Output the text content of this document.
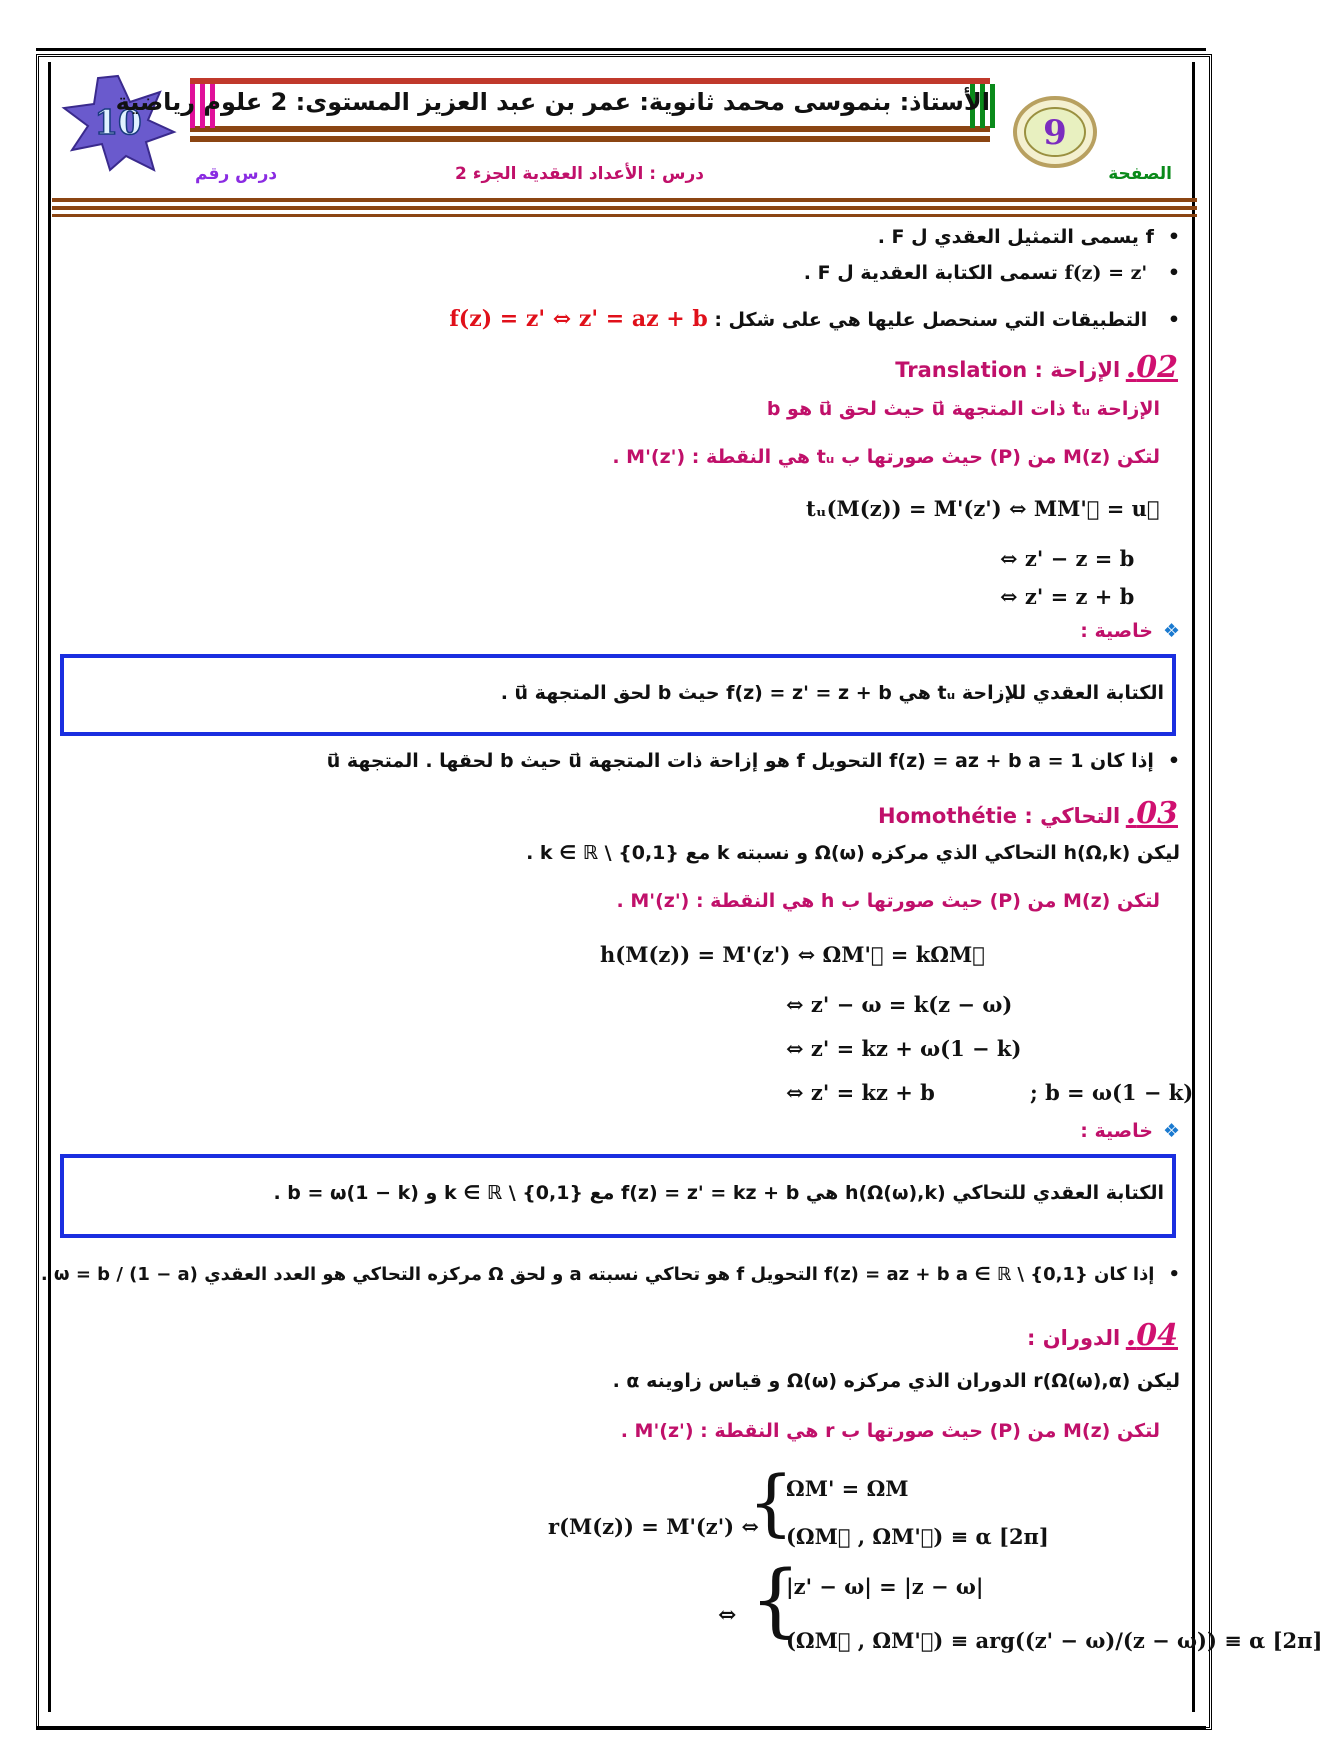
10	9
الأستاذ: بنموسى محمد ثانوية: عمر بن عبد العزيز المستوى: 2 علوم رياضية
الصفحة
درس : الأعداد العقدية الجزء 2
درس رقم
• f يسمى التمثيل العقدي ل F .
• f(z) = z' تسمى الكتابة العقدية ل F .
• التطبيقات التي سنحصل عليها هي على شكل : f(z) = z' ⇔ z' = az + b
02. الإزاحة : Translation
الإزاحة tᵤ ذات المتجهة u⃗ حيث لحق u⃗ هو b
لتكن M(z) من (P) حيث صورتها ب tᵤ هي النقطة : M'(z') .
tᵤ(M(z)) = M'(z') ⇔ MM'⃗ = u⃗
⇔ z' − z = b
⇔ z' = z + b
❖خاصية :
الكتابة العقدي للإزاحة tᵤ هي f(z) = z' = z + b حيث b لحق المتجهة u⃗ .
• إذا كان f(z) = az + b a = 1 التحويل f هو إزاحة ذات المتجهة u⃗ حيث b لحقها . المتجهة u⃗
03. التحاكي : Homothétie
ليكن h(Ω,k) التحاكي الذي مركزه Ω(ω) و نسبته k مع k ∈ ℝ \ {0,1} .
لتكن M(z) من (P) حيث صورتها ب h هي النقطة : M'(z') .
h(M(z)) = M'(z') ⇔ ΩM'⃗ = kΩM⃗
⇔ z' − ω = k(z − ω)
⇔ z' = kz + ω(1 − k)
⇔ z' = kz + b	; b = ω(1 − k)
❖خاصية :
الكتابة العقدي للتحاكي h(Ω(ω),k) هي f(z) = z' = kz + b مع k ∈ ℝ \ {0,1} و b = ω(1 − k) .
• إذا كان f(z) = az + b a ∈ ℝ \ {0,1} التحويل f هو تحاكي نسبته a و لحق Ω مركزه التحاكي هو العدد العقدي ω = b / (1 − a) .
04. الدوران :
ليكن r(Ω(ω),α) الدوران الذي مركزه Ω(ω) و قياس زاوينه α .
لتكن M(z) من (P) حيث صورتها ب r هي النقطة : M'(z') .
r(M(z)) = M'(z') ⇔
{
ΩM' = ΩM
(ΩM⃗ , ΩM'⃗) ≡ α [2π]
⇔ {
|z' − ω| = |z − ω|
(ΩM⃗ , ΩM'⃗) ≡ arg((z' − ω)/(z − ω)) ≡ α [2π]
